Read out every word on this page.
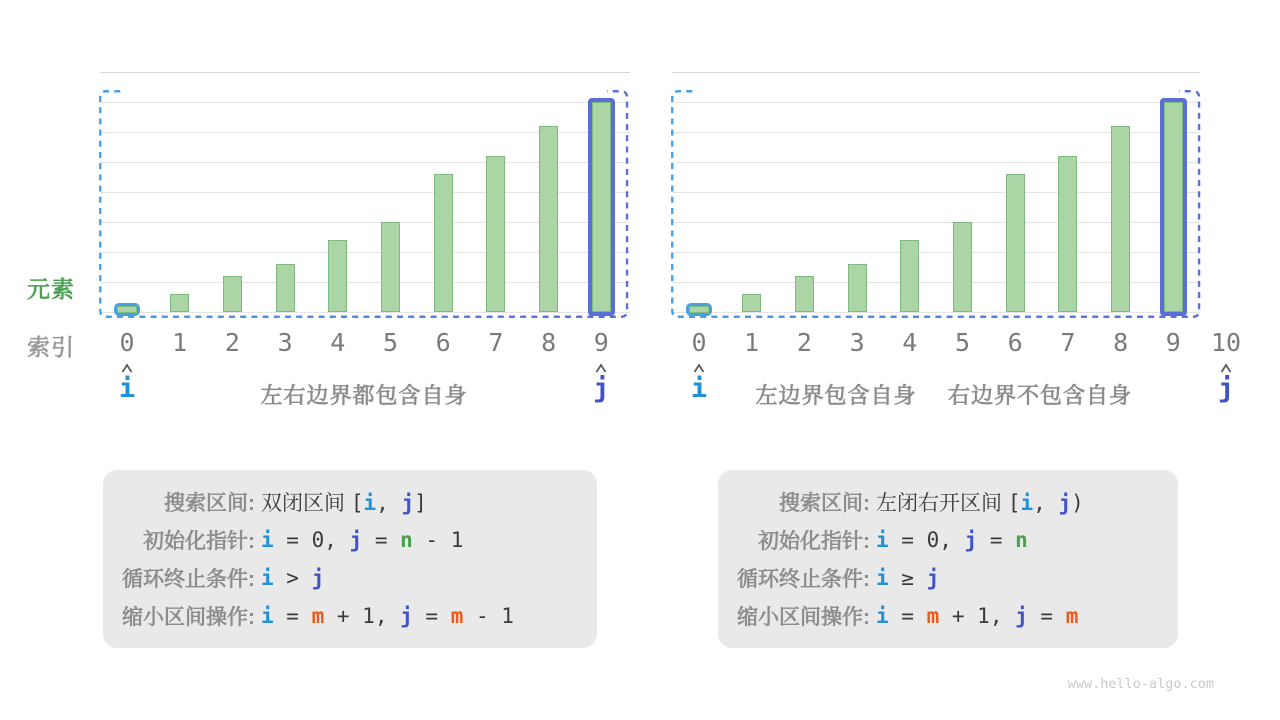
元素
索引 0 1 2 3 4 5 6 7 8 9
i	j
左右边界都包含自身
0 1 2 3 4 5 6 7 8 9 10
i	j
左边界包含自身 右边界不包含自身
搜索区间: 双闭区间 [i, j]
初始化指针: i = 0, j = n - 1
循环终止条件: i > j
缩小区间操作: i = m + 1, j = m - 1
搜索区间: 左闭右开区间 [i, j)
初始化指针: i = 0, j = n
循环终止条件: i ≥ j
缩小区间操作: i = m + 1, j = m
www.hello-algo.com
